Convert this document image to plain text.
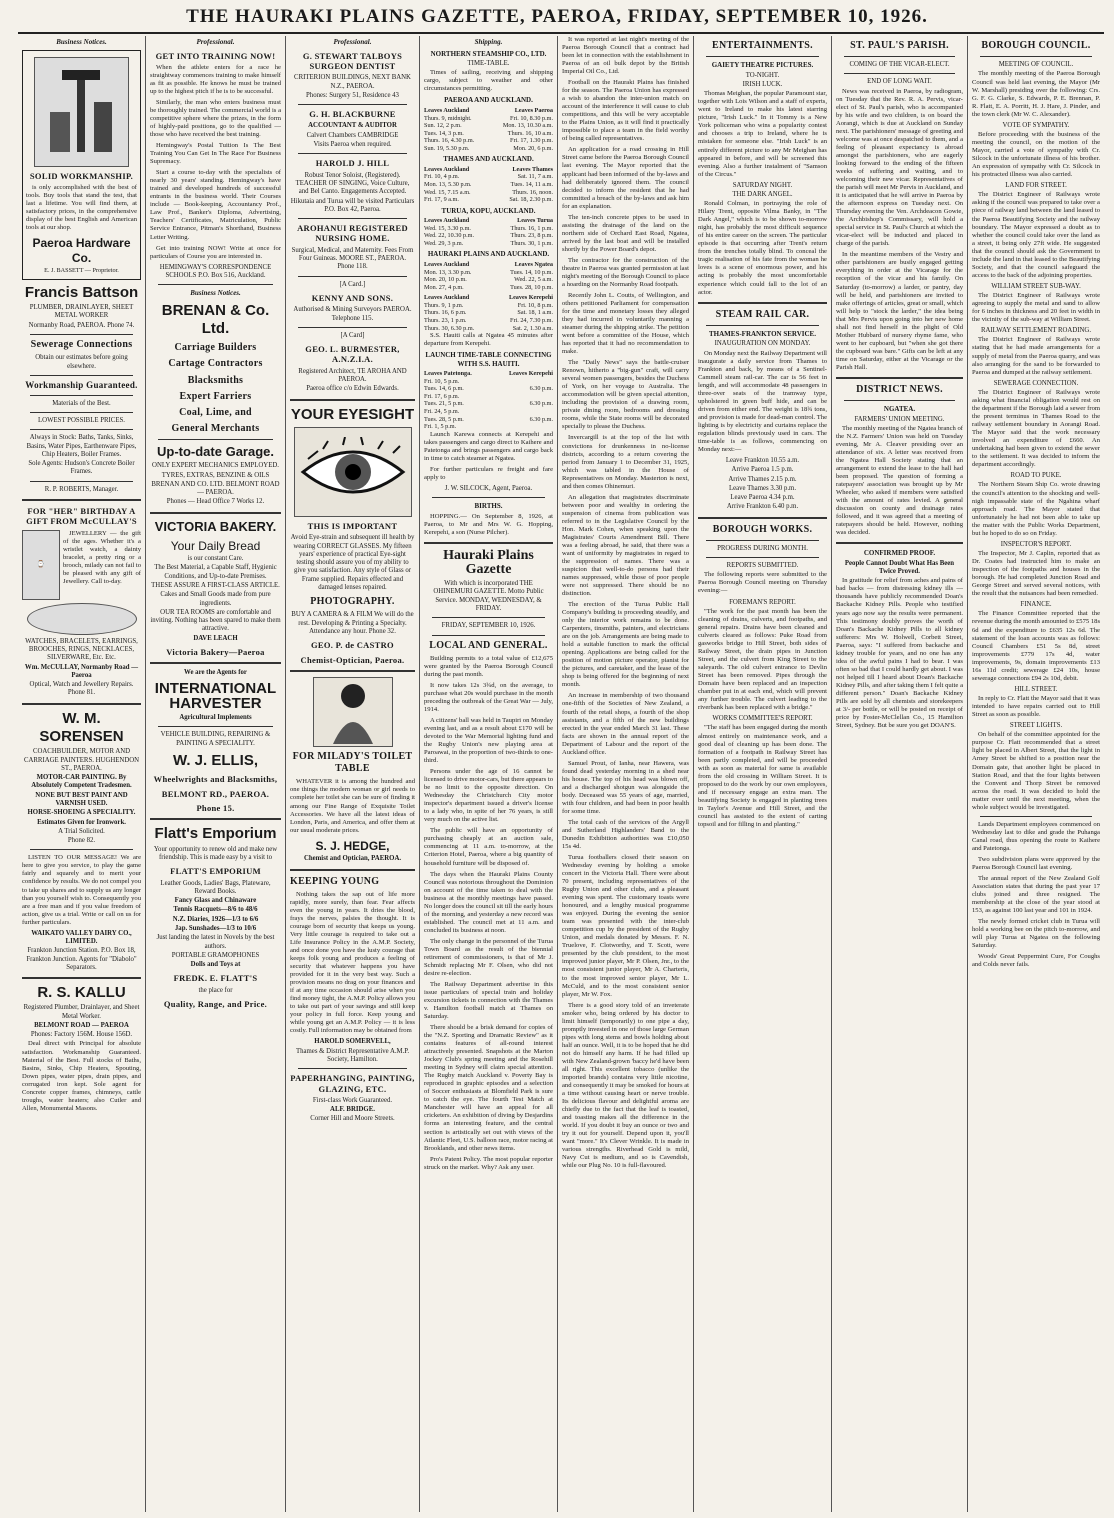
THE HAURAKI PLAINS GAZETTE, PAEROA, FRIDAY, SEPTEMBER 10, 1926.
Business Notices.
SOLID WORKMANSHIP.

is only accomplished with the best of tools. Buy tools that stand the test, that last a lifetime. You will find them, at satisfactory prices, in the comprehensive display of the best English and American tools at our shop.

Paeroa Hardware Co.
E. J. BASSETT — Proprietor.
Francis Battson
PLUMBER, DRAINLAYER, SHEET METAL WORKER
Normanby Road, PAEROA. Phone 74.
Sewerage Connections
Obtain our estimates before going elsewhere.
Workmanship Guaranteed.
Materials of the Best.
LOWEST POSSIBLE PRICES.
Always in Stock: Baths, Tanks, Sinks, Basins, Water Pipes, Earthenware Pipes, Chip Heaters, Boiler Frames.
Sole Agents: Hudson's Concrete Boiler Frames.
R. P. ROBERTS, Manager.
FOR "HER" BIRTHDAY A GIFT FROM McCULLAY'S
⌚

JEWELLERY — the gift of the ages. Whether it's a wristlet watch, a dainty bracelet, a pretty ring or a brooch, milady can not fail to be pleased with any gift of Jewellery. Call to-day.

WATCHES, BRACELETS, EARRINGS, BROOCHES, RINGS, NECKLACES, SILVERWARE, Etc. Etc.
Wm. McCULLAY, Normanby Road — Paeroa
Optical, Watch and Jewellery Repairs. Phone 81.
W. M. SORENSEN
COACHBUILDER, MOTOR AND CARRIAGE PAINTERS. HUGHENDON ST., PAEROA.
MOTOR-CAR PAINTING. By Absolutely Competent Tradesmen.
NONE BUT BEST PAINT AND VARNISH USED.
HORSE-SHOEING A SPECIALITY.
Estimates Given for Ironwork.
A Trial Solicited.
Phone 82.

LISTEN TO OUR MESSAGE! We are here to give you service, to play the game fairly and squarely and to merit your confidence by results. We do not compel you to take up shares and to supply us any longer than you yourself wish to. Consequently you are a free man and if you value freedom of action, give us a trial. Write or call on us for further particulars.

WAIKATO VALLEY DAIRY CO., LIMITED.
Frankton Junction Station. P.O. Box 18, Frankton Junction. Agents for "Diabolo" Separators.
R. S. KALLU
Registered Plumber, Drainlayer, and Sheet Metal Worker.
BELMONT ROAD — PAEROA
Phones: Factory 156M. House 156D.

Deal direct with Principal for absolute satisfaction. Workmanship Guaranteed. Material of the Best. Full stocks of Baths, Basins, Sinks, Chip Heaters, Spouting, Down pipes, water pipes, drain pipes, and corrugated iron kept. Sole agent for Concrete copper frames, chimneys, cattle troughs, water heaters; also Cutler and Allen, Monumental Masons.

Professional.
GET INTO TRAINING NOW!

When the athlete enters for a race he straightway commences training to make himself as fit as possible. He knows he must be trained up to the highest pitch if he is to be successful.

Similarly, the man who enters business must be thoroughly trained. The commercial world is a competitive sphere where the prizes, in the form of highly-paid positions, go to the qualified — those who have received the best training.

Hemingway's Postal Tuition Is The Best Training You Can Get In The Race For Business Supremacy.

Start a course to-day with the specialists of nearly 30 years' standing. Hemingway's have trained and developed hundreds of successful entrants in the business world. Their Courses include — Book-keeping, Accountancy Prof., Law Prof., Banker's Diploma, Advertising, Teachers' Certificates, Matriculation, Public Service Entrance, Pitman's Shorthand, Business Letter Writing.

Get into training NOW! Write at once for particulars of Course you are interested in.

HEMINGWAY'S CORRESPONDENCE SCHOOLS P.O. Box 516, Auckland.
Business Notices.
BRENAN & Co. Ltd.
Carriage Builders
Cartage Contractors
Blacksmiths
Expert Farriers
Coal, Lime, and
General Merchants
Up-to-date Garage.
ONLY EXPERT MECHANICS EMPLOYED.
TYRES, EXTRAS, BENZINE & OILS
BRENAN AND CO. LTD. BELMONT ROAD — PAEROA.
Phones — Head Office 7 Works 12.
VICTORIA BAKERY.
Your Daily Bread
is our constant Care.
The Best Material, a Capable Staff, Hygienic Conditions, and Up-to-date Premises.
THESE ASSURE A FIRST-CLASS ARTICLE.
Cakes and Small Goods made from pure ingredients.
OUR TEA ROOMS are comfortable and inviting. Nothing has been spared to make them attractive.
DAVE LEACH
Victoria Bakery—Paeroa
We are the Agents for
INTERNATIONAL HARVESTER
Agricultural Implements
VEHICLE BUILDING, REPAIRING & PAINTING A SPECIALITY.
W. J. ELLIS,
Wheelwrights and Blacksmiths,
BELMONT RD., PAEROA.
Phone 15.
Flatt's Emporium
Your opportunity to renew old and make new friendship. This is made easy by a visit to
FLATT'S EMPORIUM
Leather Goods, Ladies' Bags, Plateware, Reward Books.
Fancy Glass and Chinaware
Tennis Racquets—8/6 to 48/6
N.Z. Diaries, 1926—1/3 to 6/6
Jap. Sunshades—1/3 to 10/6
Just landing the latest in Novels by the best authors.
PORTABLE GRAMOPHONES
Dolls and Toys at
FREDK. E. FLATT'S
the place for
Quality, Range, and Price.
Professional.
G. STEWART TALBOYS SURGEON DENTIST
CRITERION BUILDINGS, NEXT BANK N.Z., PAEROA.
Phones: Surgery 51, Residence 43
G. H. BLACKBURNE
ACCOUNTANT & AUDITOR
Calvert Chambers CAMBRIDGE
Visits Paeroa when required.
HAROLD J. HILL
Robust Tenor Soloist, (Registered). TEACHER OF SINGING, Voice Culture, and Bel Canto. Engagements Accepted.
Hikutaia and Turua will be visited Particulars P.O. Box 42, Paeroa.
AROHANUI REGISTERED NURSING HOME.
Surgical, Medical, and Maternity. Fees From Four Guineas. MOORE ST., PAEROA. Phone 118.
[A Card.]
KENNY AND SONS.
Authorised & Mining Surveyors PAEROA. Telephone 115.
[A Card]
GEO. L. BURMESTER, A.N.Z.I.A.
Registered Architect, TE AROHA AND PAEROA.
Paeroa office c/o Edwin Edwards.
YOUR EYESIGHT
THIS IS IMPORTANT
Avoid Eye-strain and subsequent ill health by wearing CORRECT GLASSES. My fifteen years' experience of practical Eye-sight testing should assure you of my ability to give you satisfaction. Any style of Glass or Frame supplied. Repairs effected and damaged lenses repaired.
PHOTOGRAPHY.
BUY A CAMERA & A FILM We will do the rest. Developing & Printing a Specialty. Attendance any hour. Phone 32.
GEO. P. de CASTRO
Chemist-Optician, Paeroa.
FOR MILADY'S TOILET TABLE

WHATEVER it is among the hundred and one things the modern woman or girl needs to complete her toilet she can be sure of finding it among our Fine Range of Exquisite Toilet Accessories. We have all the latest ideas of London, Paris, and America, and offer them at our usual moderate prices.

S. J. HEDGE,
Chemist and Optician, PAEROA.
KEEPING YOUNG

Nothing takes the sap out of life more rapidly, more surely, than fear. Fear affects even the young in years. It dries the blood, frays the nerves, palsies the thought. It is courage born of security that keeps us young. Very little courage is required to take out a Life Insurance Policy in the A.M.P. Society, and once done you have the lusty courage that keeps folk young and produces a feeling of security that whatever happens you have provided for it in the very best way. Such a provision means no drag on your finances and if at any time occasion should arise when you find money tight, the A.M.P. Policy allows you to take out part of your savings and still keep your policy in full force. Keep young and while young get an A.M.P. Policy — it is less costly. Full information may be obtained from

HAROLD SOMERVELL,
Thames & District Representative A.M.P. Society, Hamilton.
PAPERHANGING, PAINTING, GLAZING, ETC.
First-class Work Guaranteed.
ALF. BRIDGE.
Corner Hill and Moore Streets.
Shipping.
NORTHERN STEAMSHIP CO., LTD.
TIME-TABLE.

Times of sailing, receiving and shipping cargo, subject to weather and other circumstances permitting.

PAEROA AND AUCKLAND.
Leaves Auckland	Leaves Paeroa
Thurs. 9, midnight.	Fri. 10, 8.30 p.m.
Sun. 12, 2 p.m.	Mon. 13, 10.30 a.m.
Tues. 14, 3 p.m.	Thurs. 16, 10 a.m.
Thurs. 16, 4.30 p.m.	Fri. 17, 1.30 p.m.
Sun. 19, 5.30 p.m.	Mon. 20, 6 p.m.
THAMES AND AUCKLAND.
Leaves Auckland	Leaves Thames
Fri. 10, 4 p.m.	Sat. 11, 7 a.m.
Mon. 13, 5.30 p.m.	Tues. 14, 11 a.m.
Wed. 15, 7.15 a.m.	Thurs. 16, noon.
Fri. 17, 9 a.m.	Sat. 18, 2.30 p.m.
TURUA, KOPU, AUCKLAND.
Leaves Auckland	Leaves Turua
Wed. 15, 3.30 p.m.	Thurs. 16, 1 p.m.
Wed. 22, 10.30 p.m.	Thurs. 23, 8 p.m.
Wed. 29, 3 p.m.	Thurs. 30, 1 p.m.
HAURAKI PLAINS AND AUCKLAND.
Leaves Auckland	Leaves Ngatea
Mon. 13, 3.30 p.m.	Tues. 14, 10 p.m.
Mon. 20, 10 p.m.	Wed. 22, 5 a.m.
Mon. 27, 4 p.m.	Tues. 28, 10 p.m.
Leaves Auckland	Leaves Kerepehi
Thurs. 9, 1 p.m.	Fri. 10, 8 p.m.
Thurs. 16, 6 p.m.	Sat. 18, 1 a.m.
Thurs. 23, 1 p.m.	Fri. 24, 7.30 p.m.
Thurs. 30, 6.30 p.m.	Sat. 2, 1.30 a.m.

S.S. Hauiti calls at Ngatea 45 minutes after departure from Kerepehi.

LAUNCH TIME-TABLE CONNECTING WITH S.S. HAUITI.
Leaves Patetonga.	Leaves Kerepehi
Fri. 10, 5 p.m.
Tues. 14, 6 p.m.	6.30 p.m.
Fri. 17, 6 p.m.
Tues. 21, 5 p.m.	6.30 p.m.
Fri. 24, 5 p.m.
Tues. 28, 5 p.m.	6.30 p.m.
Fri. 1, 5 p.m.

Launch Karewa connects at Kerepehi and takes passengers and cargo direct to Kaihere and Patetonga and brings passengers and cargo back in time to catch steamer at Ngatea.

For further particulars re freight and fare apply to

J. W. SILCOCK, Agent, Paeroa.
BIRTHS.

HOPPING.— On September 8, 1926, at Paeroa, to Mr and Mrs W. G. Hopping, Kerepehi, a son (Nurse Pilcher).

Hauraki Plains Gazette
With which is incorporated THE OHINEMURI GAZETTE. Motto Public Service. MONDAY, WEDNESDAY, & FRIDAY.
FRIDAY, SEPTEMBER 10, 1926.
LOCAL AND GENERAL.

Building permits to a total value of £12,675 were granted by the Paeroa Borough Council during the past month.

It now takes 12s 3¾d, on the average, to purchase what 20s would purchase in the month preceding the outbreak of the Great War — July, 1914.

A citizens' ball was held in Taupiri on Monday evening last, and as a result about £170 will be devoted to the War Memorial lighting fund and the Rugby Union's new playing area at Paroawai, in the proportion of two-thirds to one-third.

Persons under the age of 16 cannot be licensed to drive motor-cars, but there appears to be no limit to the opposite direction. On Wednesday the Christchurch City motor inspector's department issued a driver's license to a lady who, in spite of her 76 years, is still very much on the active list.

The public will have an opportunity of purchasing cheaply at an auction sale, commencing at 11 a.m. to-morrow, at the Criterion Hotel, Paeroa, where a big quantity of household furniture will be disposed of.

The days when the Hauraki Plains County Council was notorious throughout the Dominion on account of the time taken to deal with the business at the monthly meetings have passed. No longer does the council sit till the early hours of the morning, and yesterday a new record was established. The council met at 11 a.m. and concluded its business at noon.

The only change in the personnel of the Turua Town Board as the result of the biennial retirement of commissioners, is that of Mr J. Schmidt replacing Mr F. Olsen, who did not desire re-election.

The Railway Department advertise in this issue particulars of special train and holiday excursion tickets in connection with the Thames v. Hamilton football match at Thames on Saturday.

There should be a brisk demand for copies of the "N.Z. Sporting and Dramatic Review" as it contains features of all-round interest attractively presented. Snapshots at the Marton Jockey Club's spring meeting and the Rosehill meeting in Sydney will claim special attention. The Rugby match Auckland v. Poverty Bay is reproduced in graphic episodes and a selection of Soccer enthusiasts at Blomfield Park is sure to catch the eye. The fourth Test Match at Manchester will have an appeal for all cricketers. An exhibition of diving by Desjardins forms an interesting feature, and the central section is artistically set out with views of the Atlantic Fleet, U.S. balloon race, motor racing at Brooklands, and other news items.

Pro's Patent Policy. The most popular reporter struck on the market. Why? Ask any user.

It was reported at last night's meeting of the Paeroa Borough Council that a contract had been let in connection with the establishment in Paeroa of an oil bulk depot by the British Imperial Oil Co., Ltd.

Football on the Hauraki Plains has finished for the season. The Paeroa Union has expressed a wish to abandon the inter-union match on account of the interference it will cause to club competitions, and this will be very acceptable to the Plains Union, as it will find it practically impossible to place a team in the field worthy of being called representatives.

An application for a road crossing in Hill Street came before the Paeroa Borough Council last evening. The Mayor reported that the applicant had been informed of the by-laws and had deliberately ignored them. The council decided to inform the resident that he had committed a breach of the by-laws and ask him for an explanation.

The ten-inch concrete pipes to be used in assisting the drainage of the land on the northern side of Orchard East Road, Ngatea, arrived by the last boat and will be installed shortly by the Power Board's depot.

The contractor for the construction of the theatre in Paeroa was granted permission at last night's meeting of the Borough Council to place a hoarding on the Normanby Road footpath.

Recently John L. Coutts, of Wellington, and others petitioned Parliament for compensation for the time and monetary losses they alleged they had incurred in voluntarily manning a steamer during the shipping strike. The petition went before a committee of the House, which has reported that it had no recommendation to make.

The "Daily News" says the battle-cruiser Renown, hitherto a "big-gun" craft, will carry several women passengers, besides the Duchess of York, on her voyage to Australia. The accommodation will be given special attention, including the provision of a drawing room, private dining room, bedrooms and dressing rooms, while the State rooms will be decorated specially to please the Duchess.

Invercargill is at the top of the list with convictions for drunkenness in no-license districts, according to a return covering the period from January 1 to December 31, 1925, which was tabled in the House of Representatives on Monday. Masterton is next, and then comes Ohinemuri.

An allegation that magistrates discriminate between poor and wealthy in ordering the suspension of cinema from publication was referred to in the Legislative Council by the Hon. Mark Cohen, when speaking upon the Magistrates' Courts Amendment Bill. There was a feeling abroad, he said, that there was a want of uniformity by magistrates in regard to the suppression of names. There was a suspicion that well-to-do persons had their names suppressed, while those of poor people were not suppressed. There should be no distinction.

The erection of the Turua Public Hall Company's building is proceeding steadily, and only the interior work remains to be done. Carpenters, tinsmiths, painters, and electricians are on the job. Arrangements are being made to hold a suitable function to mark the official opening. Applications are being called for the position of motion picture operator, pianist for the pictures, and caretaker, and the lease of the shop is being offered for the beginning of next month.

An increase in membership of two thousand one-fifth of the Societies of New Zealand, a fourth of the retail shops, a fourth of the shop assistants, and a fifth of the new buildings erected in the year ended March 31 last. These facts are shown in the annual report of the Department of Labour and the report of the Auckland office.

Samuel Prout, of Ianha, near Hawera, was found dead yesterday morning in a shed near his house. The top of his head was blown off, and a discharged shotgun was alongside the body. Deceased was 55 years of age, married, with four children, and had been in poor health for some time.

The total cash of the services of the Argyll and Sutherland Highlanders' Band to the Dunedin Exhibition authorities was £10,050 15s 4d.

Turua footballers closed their season on Wednesday evening by holding a smoke concert in the Victoria Hall. There were about 70 present, including representatives of the Rugby Union and other clubs, and a pleasant evening was spent. The customary toasts were honoured, and a lengthy musical programme was enjoyed. During the evening the senior team was presented with the inter-club competition cup by the president of the Rugby Union, and medals donated by Messrs. F. N. Truelove, F. Clotworthy, and T. Scott, were presented by the club president, to the most improved junior player, Mr P. Olsen, Jnr., to the most consistent junior player, Mr A. Charteris, to the most improved senior player, Mr L. McCuld, and to the most consistent senior player, Mr W. Fox.

There is a good story told of an inveterate smoker who, being ordered by his doctor to limit himself (temporarily) to one pipe a day, promptly invested in one of those large German pipes with long stems and bowls holding about half an ounce. Well, it is to be hoped that he did not do himself any harm. If he had filled up with New Zealand-grown 'baccy he'd have been all right. This excellent tobacco (unlike the imported brands) contains very little nicotine, and consequently it may be smoked for hours at a time without causing heart or nerve trouble. Its delicious flavour and delightful aroma are chiefly due to the fact that the leaf is toasted, and toasting makes all the difference in the world. If you doubt it buy an ounce or two and try it out for yourself. Depend upon it, you'll want "more." It's Clever Wrinkle. It is made in various strengths. Riverhead Gold is mild, Navy Cut is medium, and so is Cavendish, while our Plug No. 10 is full-flavoured.

ENTERTAINMENTS.
GAIETY THEATRE PICTURES.
TO-NIGHT.
IRISH LUCK.

Thomas Meighan, the popular Paramount star, together with Lois Wilson and a staff of experts, went to Ireland to make his latest starring picture, "Irish Luck." In it Tommy is a New York policeman who wins a popularity contest and chooses a trip to Ireland, where he is mistaken for someone else. "Irish Luck" is an entirely different picture to any Mr Meighan has appeared in before, and will be screened this evening. Also a further instalment of "Samson of the Circus."

SATURDAY NIGHT.
THE DARK ANGEL.

Ronald Colman, in portraying the role of Hilary Trent, opposite Vilma Banky, in "The Dark Angel," which is to be shown to-morrow night, has probably the most difficult sequence of his entire career on the screen. The particular episode is that occurring after Trent's return from the trenches totally blind. To conceal the tragic realisation of his fate from the woman he loves is a scene of enormous power, and his acting is probably the most uncomfortable experience which could fall to the lot of an actor.

STEAM RAIL CAR.
THAMES-FRANKTON SERVICE.
INAUGURATION ON MONDAY.

On Monday next the Railway Department will inaugurate a daily service from Thames to Frankton and back, by means of a Sentinel-Cammell steam rail-car. The car is 56 feet in length, and will accommodate 48 passengers in three-over seats of the tramway type, upholstered in green buff hide, and can be driven from either end. The weight is 18¾ tons, and provision is made for dead-man control. The lighting is by electricity and curtains replace the regulation blinds previously used in cars. The time-table is as follows, commencing on Monday next:—

Leave Frankton 10.55 a.m.
Arrive Paeroa 1.5 p.m.
Arrive Thames 2.15 p.m.
Leave Thames 3.30 p.m.
Leave Paeroa 4.34 p.m.
Arrive Frankton 6.40 p.m.
BOROUGH WORKS.
PROGRESS DURING MONTH.
REPORTS SUBMITTED.

The following reports were submitted to the Paeroa Borough Council meeting on Thursday evening:—

FOREMAN'S REPORT.

"The work for the past month has been the cleaning of drains, culverts, and footpaths, and general repairs. Drains have been cleaned and culverts cleared as follows: Puke Road from gasworks bridge to Hill Street, both sides of Railway Street, the drain pipes in Junction Street, and the culvert from King Street to the saleyards. The old culvert entrance to Devlin Street has been removed. Pipes through the Domain have been replaced and an inspection chamber put in at each end, which will prevent any further trouble. The culvert leading to the riverbank has been replaced with a bridge."

WORKS COMMITTEE'S REPORT.

"The staff has been engaged during the month almost entirely on maintenance work, and a good deal of cleaning up has been done. The formation of a footpath in Railway Street has been partly completed, and will be proceeded with as soon as material for same is available from the old crossing in William Street. It is proposed to do the work by our own employees, and if necessary engage an extra man. The beautifying Society is engaged in planting trees in Taylor's Avenue and Hill Street, and the council has assisted to the extent of carting topsoil and for filling in and planting."

ST. PAUL'S PARISH.
COMING OF THE VICAR-ELECT.
END OF LONG WAIT.

News was received in Paeroa, by radiogram, on Tuesday that the Rev. R. A. Pervis, vicar-elect of St. Paul's parish, who is accompanied by his wife and two children, is on board the Aorangi, which is due at Auckland on Sunday next. The parishioners' message of greeting and welcome was at once despatched to them, and a feeling of pleasant expectancy is abroad amongst the parishioners, who are eagerly looking forward to the ending of the fifteen weeks of suffering and waiting, and to welcoming their new vicar. Representatives of the parish will meet Mr Pervis in Auckland, and it is anticipated that he will arrive in Paeroa by the afternoon express on Tuesday next. On Thursday evening the Ven. Archdeacon Gowie, the Archbishop's Commissary, will hold a special service in St. Paul's Church at which the vicar-elect will be inducted and placed in charge of the parish.

In the meantime members of the Vestry and other parishioners are busily engaged getting everything in order at the Vicarage for the reception of the vicar and his family. On Saturday (to-morrow) a larder, or pantry, day will be held, and parishioners are invited to make offerings of articles, great or small, which will help to "stock the larder," the idea being that Mrs Pervis upon going into her new home shall not find herself in the plight of Old Mother Hubbard of nursery rhyme fame, who went to her cupboard, but "when she got there the cupboard was bare." Gifts can be left at any time on Saturday, either at the Vicarage or the Parish Hall.

DISTRICT NEWS.
NGATEA.
FARMERS' UNION MEETING.

The monthly meeting of the Ngatea branch of the N.Z. Farmers' Union was held on Tuesday evening, Mr A. Cleaver presiding over an attendance of six. A letter was received from the Ngatea Hall Society stating that an arrangement to extend the lease to the hall had been proposed. The question of forming a ratepayers' association was brought up by Mr Wheeler, who asked if members were satisfied with the amount of rates levied. A general discussion on county and drainage rates followed, and it was agreed that a meeting of ratepayers should be held. However, nothing was decided.

CONFIRMED PROOF.
People Cannot Doubt What Has Been Twice Proved.

In gratitude for relief from aches and pains of bad backs — from distressing kidney ills — thousands have publicly recommended Doan's Backache Kidney Pills. People who testified years ago now say the results were permanent. This testimony doubly proves the worth of Doan's Backache Kidney Pills to all kidney sufferers: Mrs W. Holwell, Corbett Street, Paeroa, says: "I suffered from backache and kidney trouble for years, and no one has any idea of the awful pains I had to bear. I was often so bad that I could hardly get about. I was not helped till I heard about Doan's Backache Kidney Pills, and after taking them I felt quite a different person." Doan's Backache Kidney Pills are sold by all chemists and storekeepers at 3/- per bottle, or will be posted on receipt of price by Foster-McClellan Co., 15 Hamilton Street, Sydney. But be sure you get DOAN'S.

BOROUGH COUNCIL.
MEETING OF COUNCIL.

The monthly meeting of the Paeroa Borough Council was held last evening, the Mayor (Mr W. Marshall) presiding over the following: Crs. G. F. G. Clarke, S. Edwards, P. E. Brennan, P. R. Flatt, E. A. Porritt, H. J. Hare, J. Pinder, and the town clerk (Mr W. C. Alexander).

VOTE OF SYMPATHY.

Before proceeding with the business of the meeting the council, on the motion of the Mayor, carried a vote of sympathy with Cr. Silcock in the unfortunate illness of his brother. An expression of sympathy with Cr. Silcock in his protracted illness was also carried.

LAND FOR STREET.

The District Engineer of Railways wrote asking if the council was prepared to take over a piece of railway land between the land leased to the Paeroa Beautifying Society and the railway boundary. The Mayor expressed a doubt as to whether the council could take over the land as a street, it being only 27ft wide. He suggested that the council should ask the Government to include the land in that leased to the Beautifying Society, and that the council safeguard the access to the back of the adjoining properties.

WILLIAM STREET SUB-WAY.

The District Engineer of Railways wrote agreeing to supply the metal and sand to allow for 6 inches in thickness and 20 feet in width in the vicinity of the sub-way at William Street.

RAILWAY SETTLEMENT ROADING.

The District Engineer of Railways wrote stating that he had made arrangements for a supply of metal from the Paeroa quarry, and was also arranging for the sand to be forwarded to Paeroa and dumped at the railway settlement.

SEWERAGE CONNECTION.

The District Engineer of Railways wrote asking what financial obligation would rest on the department if the Borough laid a sewer from the present terminus in Thames Road to the railway settlement boundary in Aorangi Road. The Mayor said that the work necessary involved an expenditure of £660. An undertaking had been given to extend the sewer to the settlement. It was decided to inform the department accordingly.

ROAD TO PUKE.

The Northern Steam Ship Co. wrote drawing the council's attention to the shocking and well-nigh impassable state of the Ngahina wharf approach road. The Mayor stated that unfortunately he had not been able to take up the matter with the Public Works Department, but he hoped to do so on Friday.

INSPECTOR'S REPORT.

The Inspector, Mr J. Caplin, reported that as Dr. Coates had instructed him to make an inspection of the footpaths and houses in the borough. He had completed Junction Road and George Street and served several notices, with the result that the nuisances had been remedied.

FINANCE.

The Finance Committee reported that the revenue during the month amounted to £575 18s 6d and the expenditure to £635 12s 6d. The statement of the loan accounts was as follows: Council Chambers £51 5s 8d, street improvements £779 17s 4d, water improvements, 9s, domain improvements £13 16s 11d credit; sewerage £24 10s, house sewerage connections £94 2s 10d, debit.

HILL STREET.

In reply to Cr. Flatt the Mayor said that it was intended to have repairs carried out to Hill Street as soon as possible.

STREET LIGHTS.

On behalf of the committee appointed for the purpose Cr. Flatt recommended that a street light be placed in Albert Street, that the light in Arney Street be shifted to a position near the Domain gate, that another light be placed in Station Road, and that the four lights between the Convent and Thorp Street be removed across the road. It was decided to hold the matter over until the next meeting, when the whole subject would be investigated.

Lands Department employees commenced on Wednesday last to dike and grade the Puhanga Canal road, thus opening the route to Kaihere and Patetonga.

Two subdivision plans were approved by the Paeroa Borough Council last evening.

The annual report of the New Zealand Golf Association states that during the past year 17 clubs joined and three resigned. The membership at the close of the year stood at 153, as against 100 last year and 101 in 1924.

The newly formed cricket club in Turua will hold a working bee on the pitch to-morrow, and will play Turua at Ngatea on the following Saturday.

Woods' Great Peppermint Cure, For Coughs and Colds never fails.
